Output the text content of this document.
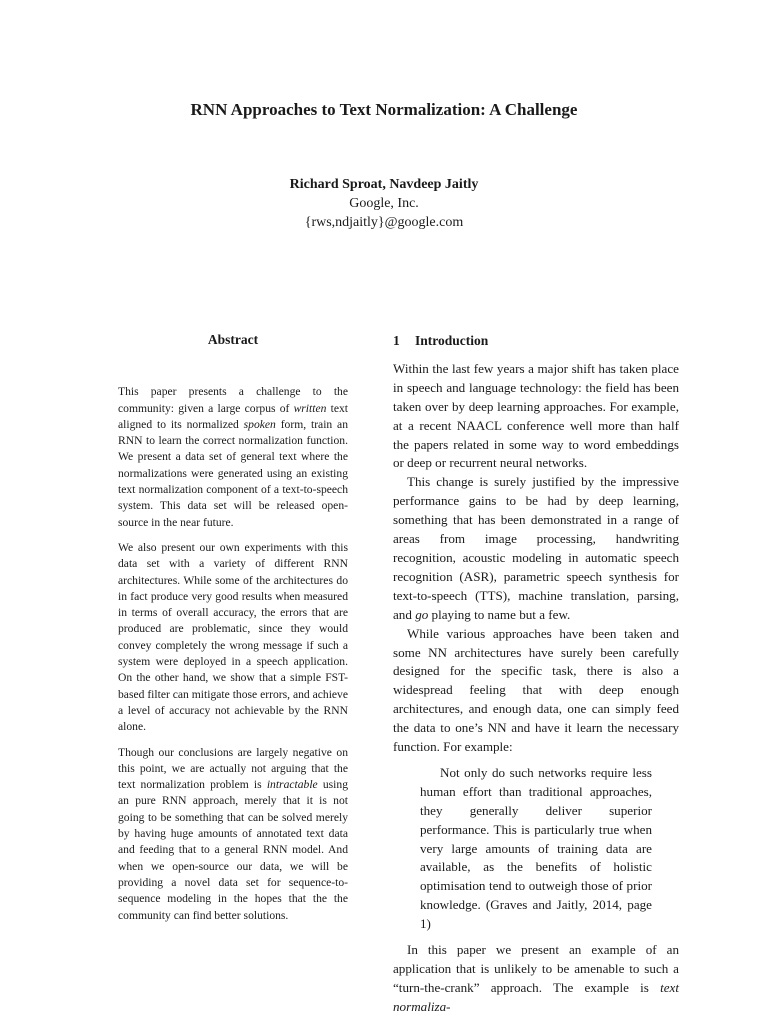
RNN Approaches to Text Normalization: A Challenge
Richard Sproat, Navdeep Jaitly
Google, Inc.
{rws,ndjaitly}@google.com
Abstract

This paper presents a challenge to the community: given a large corpus of written text aligned to its normalized spoken form, train an RNN to learn the correct normalization function. We present a data set of general text where the normalizations were generated using an existing text normalization component of a text-to-speech system. This data set will be released open-source in the near future.

We also present our own experiments with this data set with a variety of different RNN architectures. While some of the architectures do in fact produce very good results when measured in terms of overall accuracy, the errors that are produced are problematic, since they would convey completely the wrong message if such a system were deployed in a speech application. On the other hand, we show that a simple FST-based filter can mitigate those errors, and achieve a level of accuracy not achievable by the RNN alone.

Though our conclusions are largely negative on this point, we are actually not arguing that the text normalization problem is intractable using an pure RNN approach, merely that it is not going to be something that can be solved merely by having huge amounts of annotated text data and feeding that to a general RNN model. And when we open-source our data, we will be providing a novel data set for sequence-to-sequence modeling in the hopes that the the community can find better solutions.

1 Introduction

Within the last few years a major shift has taken place in speech and language technology: the field has been taken over by deep learning approaches. For example, at a recent NAACL conference well more than half the papers related in some way to word embeddings or deep or recurrent neural networks.

This change is surely justified by the impressive performance gains to be had by deep learning, something that has been demonstrated in a range of areas from image processing, handwriting recognition, acoustic modeling in automatic speech recognition (ASR), parametric speech synthesis for text-to-speech (TTS), machine translation, parsing, and go playing to name but a few.

While various approaches have been taken and some NN architectures have surely been carefully designed for the specific task, there is also a widespread feeling that with deep enough architectures, and enough data, one can simply feed the data to one’s NN and have it learn the necessary function. For example:

Not only do such networks require less human effort than traditional approaches, they generally deliver superior performance. This is particularly true when very large amounts of training data are available, as the benefits of holistic optimisation tend to outweigh those of prior knowledge. (Graves and Jaitly, 2014, page 1)

In this paper we present an example of an application that is unlikely to be amenable to such a “turn-the-crank” approach. The example is text normaliza-
